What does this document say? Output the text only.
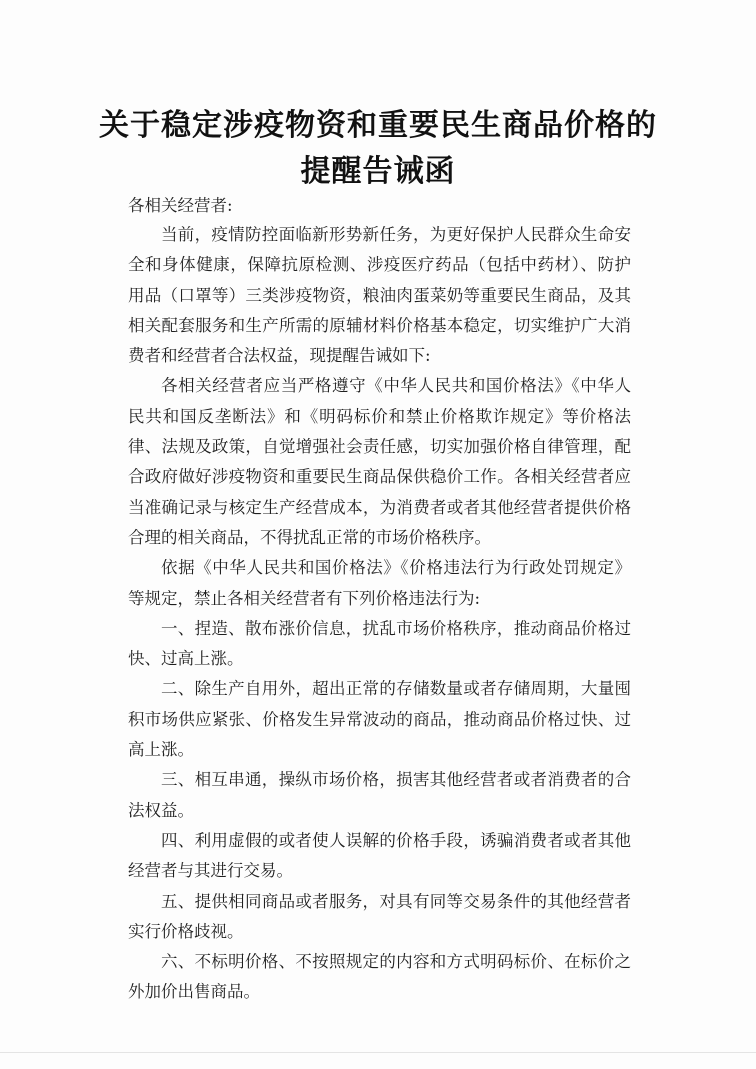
关于稳定涉疫物资和重要民生商品价格的
提醒告诫函
各相关经营者:

当前，疫情防控面临新形势新任务，为更好保护人民群众生命安全和身体健康，保障抗原检测、涉疫医疗药品（包括中药材）、防护用品（口罩等）三类涉疫物资，粮油肉蛋菜奶等重要民生商品，及其相关配套服务和生产所需的原辅材料价格基本稳定，切实维护广大消费者和经营者合法权益，现提醒告诫如下:

各相关经营者应当严格遵守《中华人民共和国价格法》《中华人民共和国反垄断法》和《明码标价和禁止价格欺诈规定》等价格法律、法规及政策，自觉增强社会责任感，切实加强价格自律管理，配合政府做好涉疫物资和重要民生商品保供稳价工作。各相关经营者应当准确记录与核定生产经营成本，为消费者或者其他经营者提供价格合理的相关商品，不得扰乱正常的市场价格秩序。

依据《中华人民共和国价格法》《价格违法行为行政处罚规定》等规定，禁止各相关经营者有下列价格违法行为:

一、捏造、散布涨价信息，扰乱市场价格秩序，推动商品价格过快、过高上涨。

二、除生产自用外，超出正常的存储数量或者存储周期，大量囤积市场供应紧张、价格发生异常波动的商品，推动商品价格过快、过高上涨。

三、相互串通，操纵市场价格，损害其他经营者或者消费者的合法权益。

四、利用虚假的或者使人误解的价格手段，诱骗消费者或者其他经营者与其进行交易。

五、提供相同商品或者服务，对具有同等交易条件的其他经营者实行价格歧视。

六、不标明价格、不按照规定的内容和方式明码标价、在标价之外加价出售商品。
